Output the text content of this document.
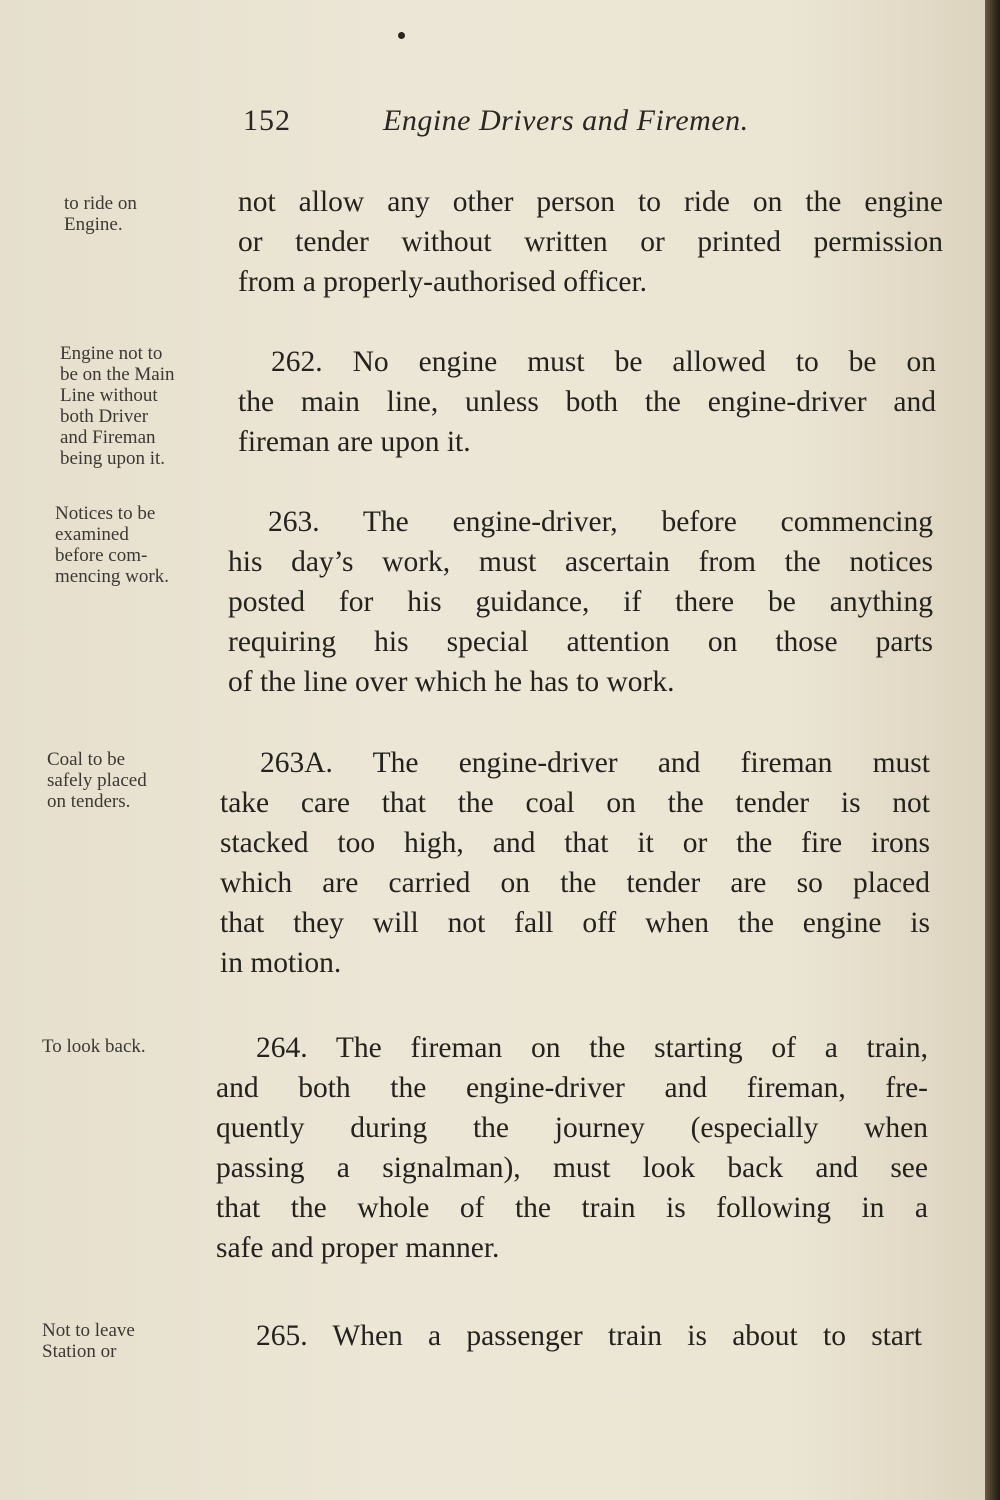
152	Engine Drivers and Firemen.
to ride on
Engine.
Engine not to
be on the Main
Line without
both Driver
and Fireman
being upon it.
Notices to be
examined
before com-
mencing work.
Coal to be
safely placed
on tenders.
To look back.
Not to leave
Station or
not allow any other person to ride on the engine
or tender without written or printed permission
from a properly-authorised officer.
262. No engine must be allowed to be on
the main line, unless both the engine-driver and
fireman are upon it.
263. The engine-driver, before commencing
his day’s work, must ascertain from the notices
posted for his guidance, if there be anything
requiring his special attention on those parts
of the line over which he has to work.
263A. The engine-driver and fireman must
take care that the coal on the tender is not
stacked too high, and that it or the fire irons
which are carried on the tender are so placed
that they will not fall off when the engine is
in motion.
264. The fireman on the starting of a train,
and both the engine-driver and fireman, fre-
quently during the journey (especially when
passing a signalman), must look back and see
that the whole of the train is following in a
safe and proper manner.
265. When a passenger train is about to start
